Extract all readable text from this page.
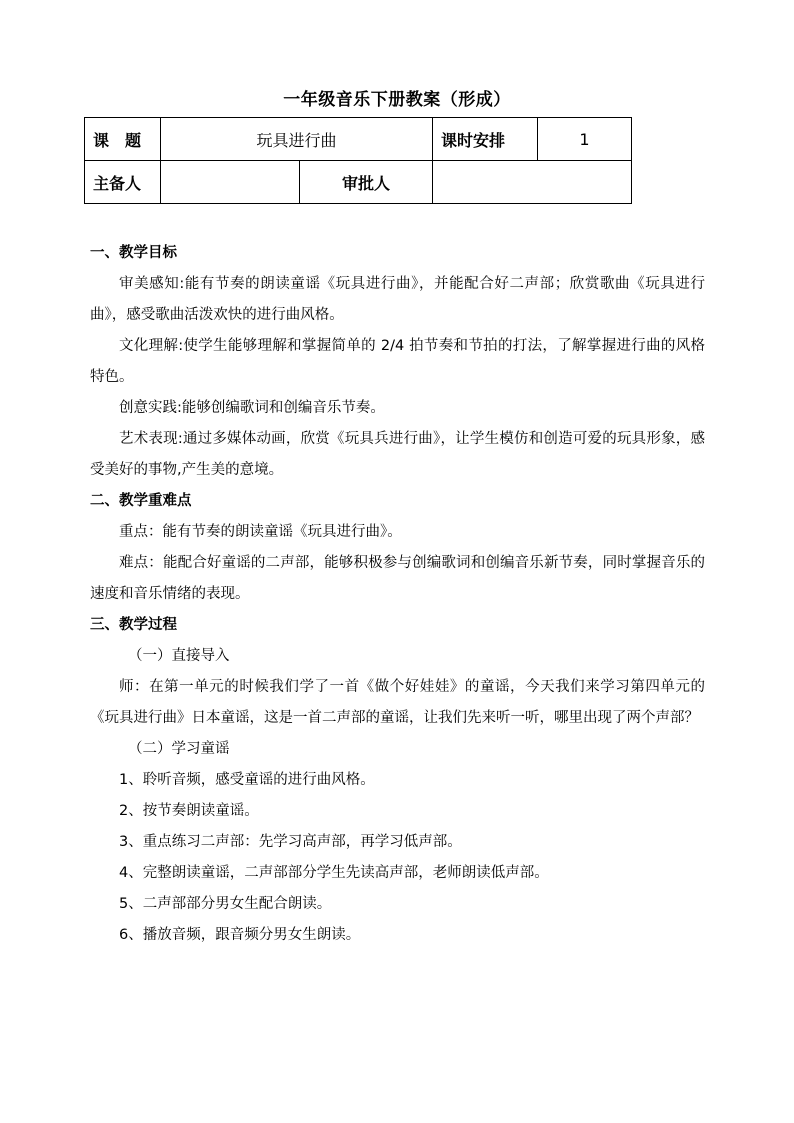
一年级音乐下册教案（形成）
课　题	玩具进行曲		课时安排	1
主备人		审批人		

一、教学目标

审美感知:能有节奏的朗读童谣《玩具进行曲》，并能配合好二声部；欣赏歌曲《玩具进行曲》，感受歌曲活泼欢快的进行曲风格。

文化理解:使学生能够理解和掌握简单的 2/4 拍节奏和节拍的打法，了解掌握进行曲的风格特色。

创意实践:能够创编歌词和创编音乐节奏。

艺术表现:通过多媒体动画，欣赏《玩具兵进行曲》，让学生模仿和创造可爱的玩具形象，感受美好的事物,产生美的意境。

二、教学重难点

重点：能有节奏的朗读童谣《玩具进行曲》。

难点：能配合好童谣的二声部，能够积极参与创编歌词和创编音乐新节奏，同时掌握音乐的速度和音乐情绪的表现。

三、教学过程

（一）直接导入

师：在第一单元的时候我们学了一首《做个好娃娃》的童谣，今天我们来学习第四单元的《玩具进行曲》日本童谣，这是一首二声部的童谣，让我们先来听一听，哪里出现了两个声部？

（二）学习童谣

1、聆听音频，感受童谣的进行曲风格。

2、按节奏朗读童谣。

3、重点练习二声部：先学习高声部，再学习低声部。

4、完整朗读童谣，二声部部分学生先读高声部，老师朗读低声部。

5、二声部部分男女生配合朗读。

6、播放音频，跟音频分男女生朗读。
